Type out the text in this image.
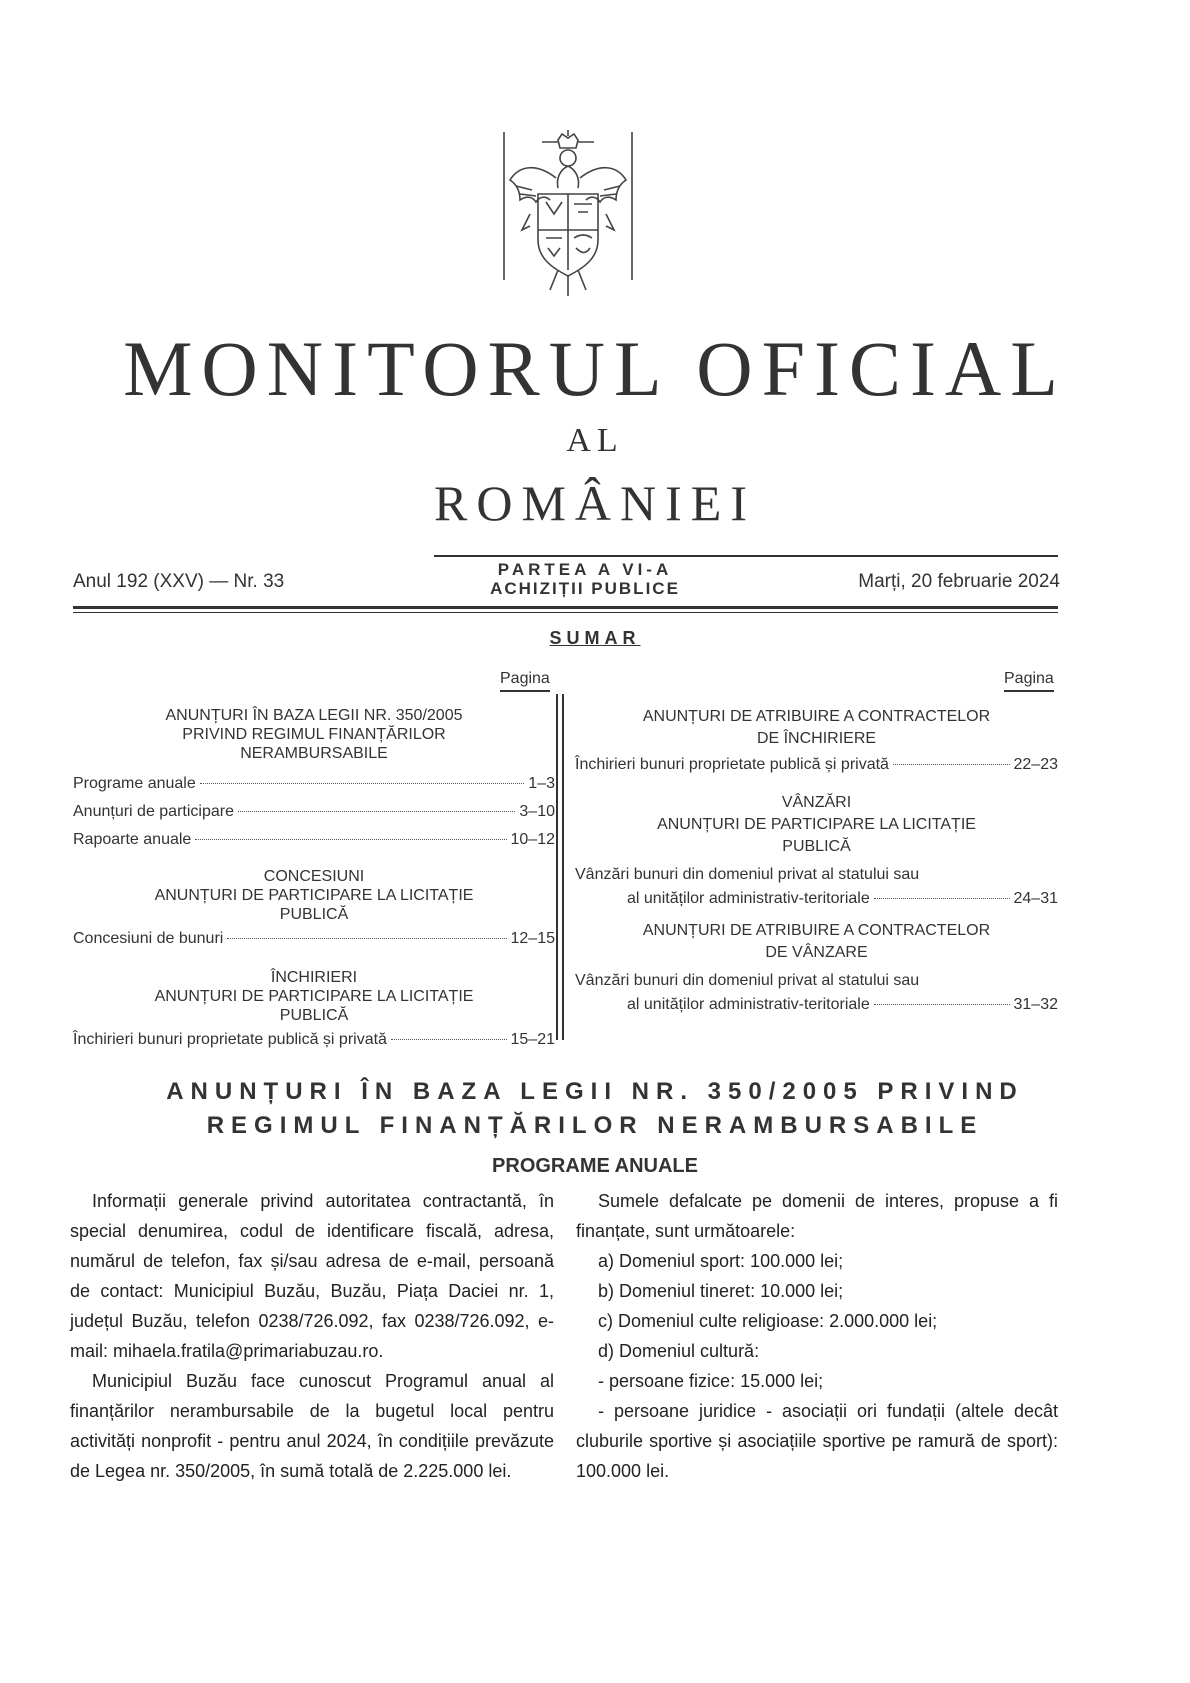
MONITORUL OFICIAL
AL
ROMÂNIEI
Anul 192 (XXV) — Nr. 33
PARTEA A VI-A
ACHIZIȚII PUBLICE	Marți, 20 februarie 2024
SUMAR
Pagina	Pagina
ANUNȚURI ÎN BAZA LEGII NR. 350/2005
PRIVIND REGIMUL FINANȚĂRILOR
NERAMBURSABILE
Programe anuale	1–3
Anunțuri de participare	3–10
Rapoarte anuale	10–12
CONCESIUNI
ANUNȚURI DE PARTICIPARE LA LICITAȚIE
PUBLICĂ
Concesiuni de bunuri	12–15
ÎNCHIRIERI
ANUNȚURI DE PARTICIPARE LA LICITAȚIE
PUBLICĂ
Închirieri bunuri proprietate publică și privată	15–21
ANUNȚURI DE ATRIBUIRE A CONTRACTELOR
DE ÎNCHIRIERE
Închirieri bunuri proprietate publică și privată	22–23
VÂNZĂRI
ANUNȚURI DE PARTICIPARE LA LICITAȚIE
PUBLICĂ
Vânzări bunuri din domeniul privat al statului sau
al unităților administrativ-teritoriale	24–31
ANUNȚURI DE ATRIBUIRE A CONTRACTELOR
DE VÂNZARE
Vânzări bunuri din domeniul privat al statului sau
al unităților administrativ-teritoriale	31–32
ANUNȚURI ÎN BAZA LEGII NR. 350/2005 PRIVIND
REGIMUL FINANȚĂRILOR NERAMBURSABILE
PROGRAME ANUALE

Informații generale privind autoritatea contractantă, în special denumirea, codul de identificare fiscală, adresa, numărul de telefon, fax și/sau adresa de e-mail, persoană de contact: Municipiul Buzău, Buzău, Piața Daciei nr. 1, județul Buzău, telefon 0238/726.092, fax 0238/726.092, e-mail: mihaela.fratila@primariabuzau.ro.

Municipiul Buzău face cunoscut Programul anual al finanțărilor nerambursabile de la bugetul local pentru activități nonprofit - pentru anul 2024, în condițiile prevăzute de Legea nr. 350/2005, în sumă totală de 2.225.000 lei.

Sumele defalcate pe domenii de interes, propuse a fi finanțate, sunt următoarele:

a) Domeniul sport: 100.000 lei;

b) Domeniul tineret: 10.000 lei;

c) Domeniul culte religioase: 2.000.000 lei;

d) Domeniul cultură:

- persoane fizice: 15.000 lei;

- persoane juridice - asociații ori fundații (altele decât cluburile sportive și asociațiile sportive pe ramură de sport): 100.000 lei.
